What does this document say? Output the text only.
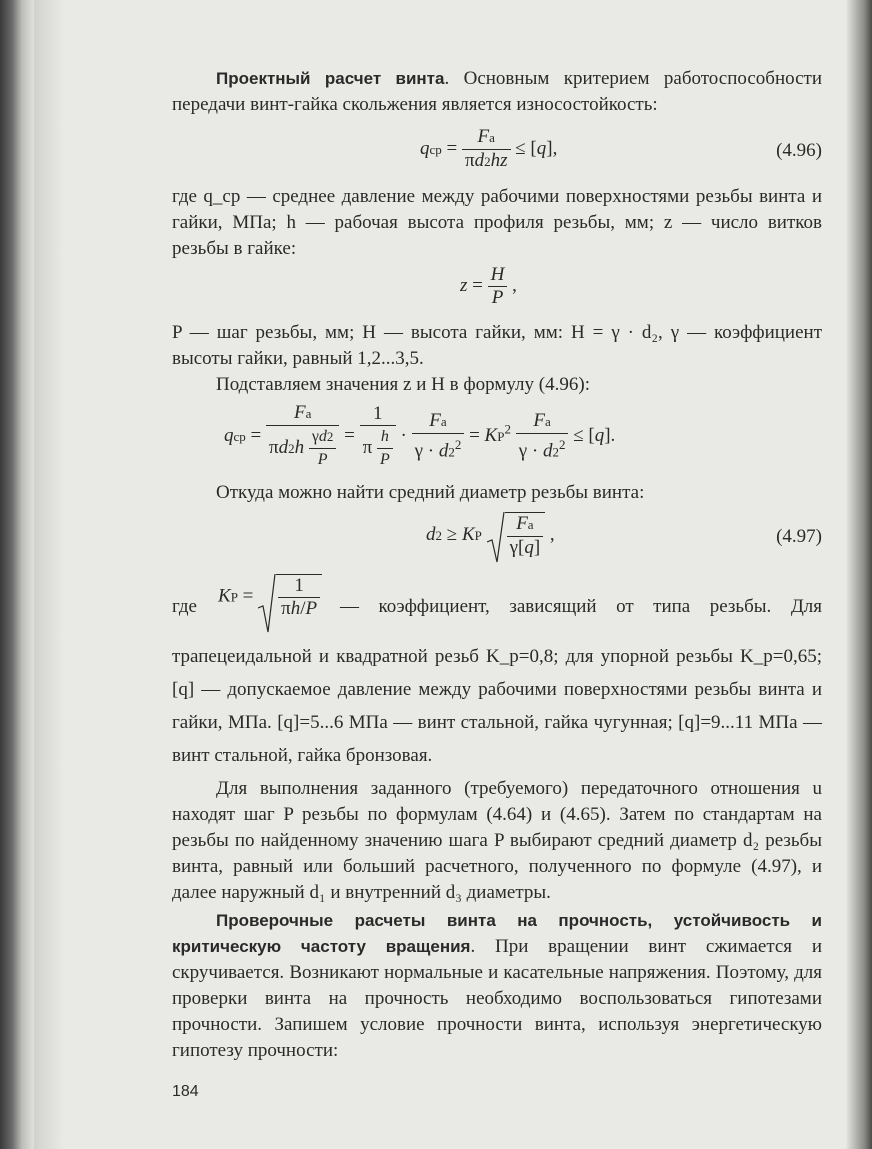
Проектный расчет винта. Основным критерием работоспособности передачи винт-гайка скольжения является износостойкость:

qср = $\frac{Fa}{\pi d2hz} \le [q]$,	(4.96)

где q_ср — среднее давление между рабочими поверхностями резьбы винта и гайки, МПа; h — рабочая высота профиля резьбы, мм; z — число витков резьбы в гайке:

$z = \frac{H}{P}$ ,

P — шаг резьбы, мм; H — высота гайки, мм: H = γ · d₂, γ — коэффициент высоты гайки, равный 1,2...3,5.

Подставляем значения z и H в формулу (4.96):

qср = $\frac{Fa}{\pi d2h \frac{\gamma d2}{P}} = \frac{1}{\pi \frac{h}{P}} \cdot \frac{Fa}{\gamma \cdot d2^2} = KP^2 \frac{Fa}{\gamma \cdot d2^2} \le [q]$.

Откуда можно найти средний диаметр резьбы винта:

d2 ≥ KP $\frac{Fa}{\gamma[q]}$ ,	(4.97)
где
KP = $\frac{1}{\pi h/P}$ — коэффициент, зависящий от типа резьбы. Для

трапецеидальной и квадратной резьб K_р=0,8; для упорной резьбы K_р=0,65; [q] — допускаемое давление между рабочими поверхностями резьбы винта и гайки, МПа. [q]=5...6 МПа — винт стальной, гайка чугунная; [q]=9...11 МПа — винт стальной, гайка бронзовая.

Для выполнения заданного (требуемого) передаточного отношения u находят шаг P резьбы по формулам (4.64) и (4.65). Затем по стандартам на резьбы по найденному значению шага P выбирают средний диаметр d₂ резьбы винта, равный или больший расчетного, полученного по формуле (4.97), и далее наружный d₁ и внутренний d₃ диаметры.

Проверочные расчеты винта на прочность, устойчивость и критическую частоту вращения. При вращении винт сжимается и скручивается. Возникают нормальные и касательные напряжения. Поэтому, для проверки винта на прочность необходимо воспользоваться гипотезами прочности. Запишем условие прочности винта, используя энергетическую гипотезу прочности:

184
